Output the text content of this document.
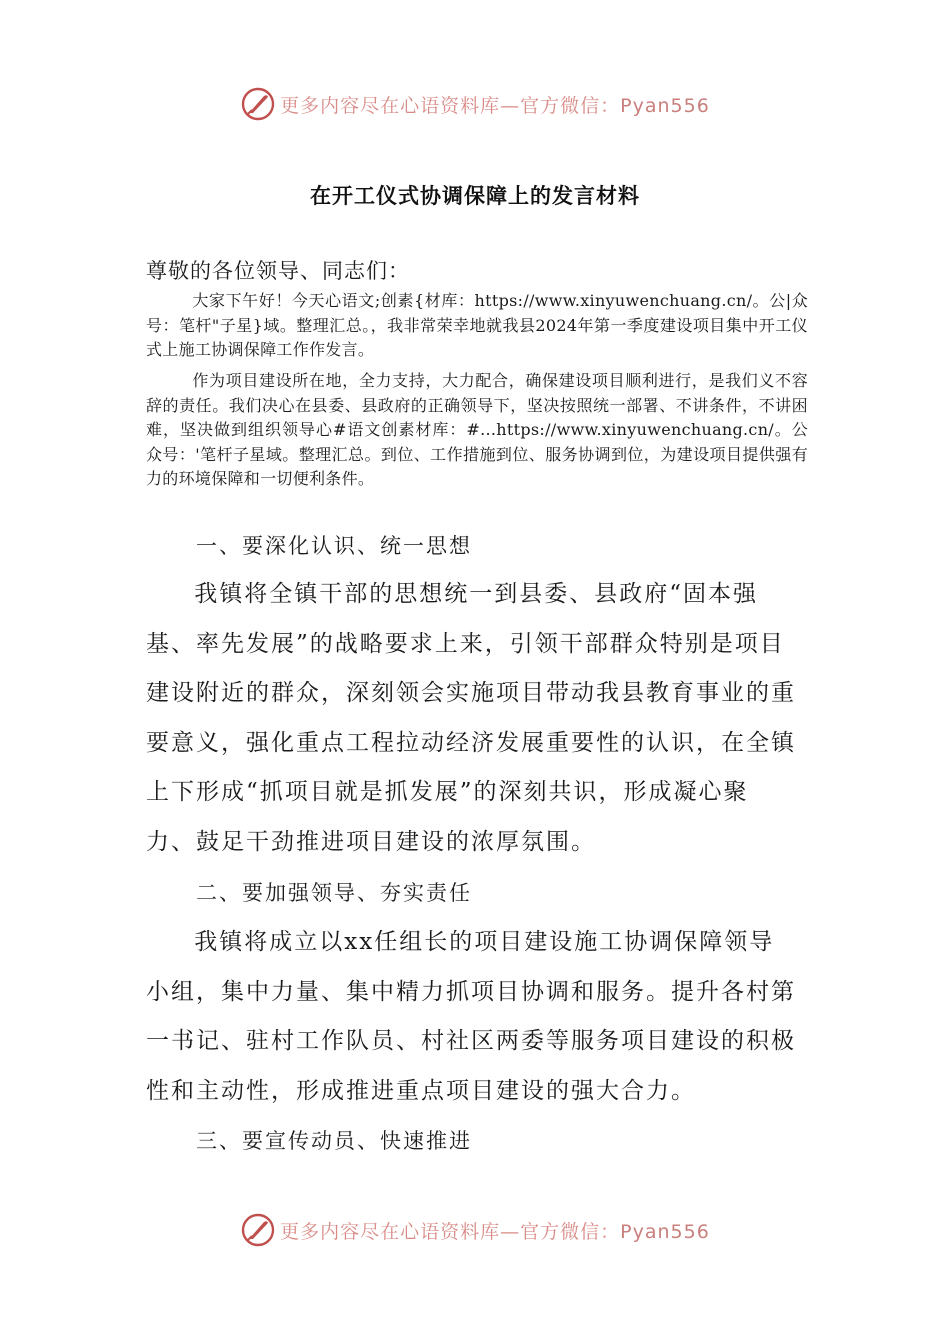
更多内容尽在心语资料库—官方微信：Pyan556
在开工仪式协调保障上的发言材料
尊敬的各位领导、同志们：

大家下午好！今天心语文;创素{材库：https://www.xinyuwenchuang.cn/。公|众号：笔杆"子星}域。整理汇总。，我非常荣幸地就我县2024年第一季度建设项目集中开工仪式上施工协调保障工作作发言。

作为项目建设所在地，全力支持，大力配合，确保建设项目顺利进行，是我们义不容辞的责任。我们决心在县委、县政府的正确领导下，坚决按照统一部署、不讲条件，不讲困难，坚决做到组织领导心#语文创素材库：#...https://www.xinyuwenchuang.cn/。公众号：'笔杆子星域。整理汇总。到位、工作措施到位、服务协调到位，为建设项目提供强有力的环境保障和一切便利条件。

一、要深化认识、统一思想

我镇将全镇干部的思想统一到县委、县政府“固本强基、率先发展”的战略要求上来，引领干部群众特别是项目建设附近的群众，深刻领会实施项目带动我县教育事业的重要意义，强化重点工程拉动经济发展重要性的认识，在全镇上下形成“抓项目就是抓发展”的深刻共识，形成凝心聚力、鼓足干劲推进项目建设的浓厚氛围。

二、要加强领导、夯实责任

我镇将成立以xx任组长的项目建设施工协调保障领导小组，集中力量、集中精力抓项目协调和服务。提升各村第一书记、驻村工作队员、村社区两委等服务项目建设的积极性和主动性，形成推进重点项目建设的强大合力。

三、要宣传动员、快速推进
更多内容尽在心语资料库—官方微信：Pyan556
